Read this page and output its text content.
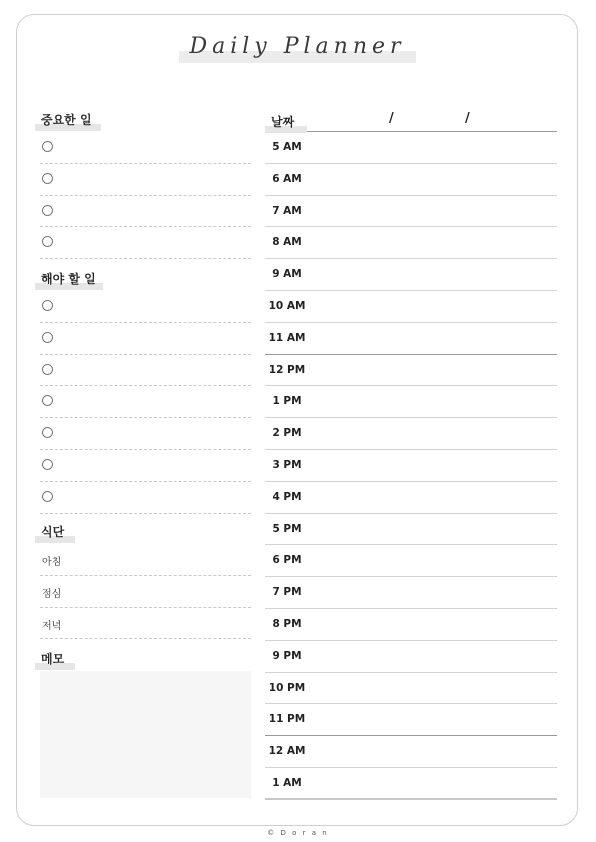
Daily Planner
중요한 일
해야 할 일
식단
아침
점심
저녁
메모
날짜	/	/
5 AM
6 AM
7 AM
8 AM
9 AM
10 AM
11 AM
12 PM
1 PM
2 PM
3 PM
4 PM
5 PM
6 PM
7 PM
8 PM
9 PM
10 PM
11 PM
12 AM
1 AM
© D o r a n
